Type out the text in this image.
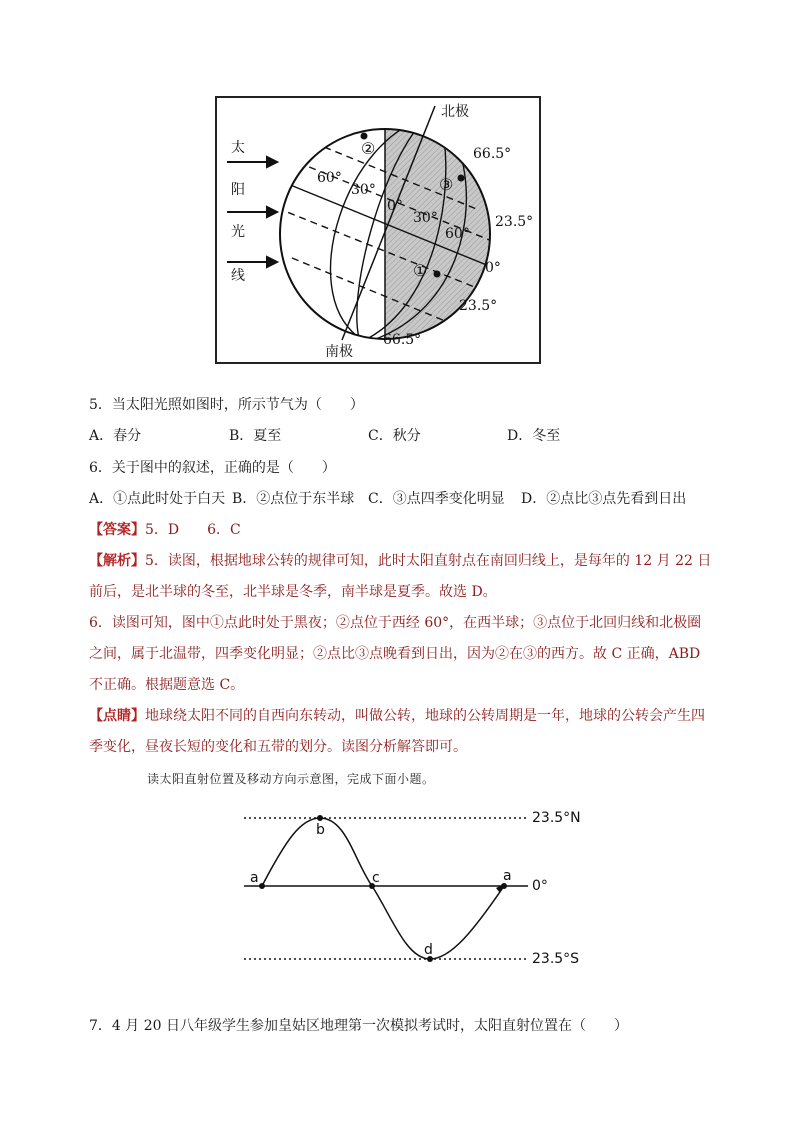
太
阳
光
线
北极
南极
60°
30°
0°
30°
60°
66.5°
23.5°
0°
23.5°
66.5°
②
③
①
5．当太阳光照如图时，所示节气为（　　）
A．春分	B．夏至	C．秋分	D．冬至
6．关于图中的叙述，正确的是（　　）
A．①点此时处于白天 B．②点位于东半球 C．③点四季变化明显 D．②点比③点先看到日出
【答案】5．D　　6．C
【解析】5．读图，根据地球公转的规律可知，此时太阳直射点在南回归线上，是每年的 12 月 22 日
前后，是北半球的冬至，北半球是冬季，南半球是夏季。故选 D。
6．读图可知，图中①点此时处于黑夜；②点位于西经 60°，在西半球；③点位于北回归线和北极圈
之间，属于北温带，四季变化明显；②点比③点晚看到日出，因为②在③的西方。故 C 正确，ABD
不正确。根据题意选 C。
【点睛】地球绕太阳不同的自西向东转动，叫做公转，地球的公转周期是一年，地球的公转会产生四
季变化，昼夜长短的变化和五带的划分。读图分析解答即可。
读太阳直射位置及移动方向示意图，完成下面小题。
a
b
c
d
a
23.5°N
0°
23.5°S
7．4 月 20 日八年级学生参加皇姑区地理第一次模拟考试时，太阳直射位置在（　　）
